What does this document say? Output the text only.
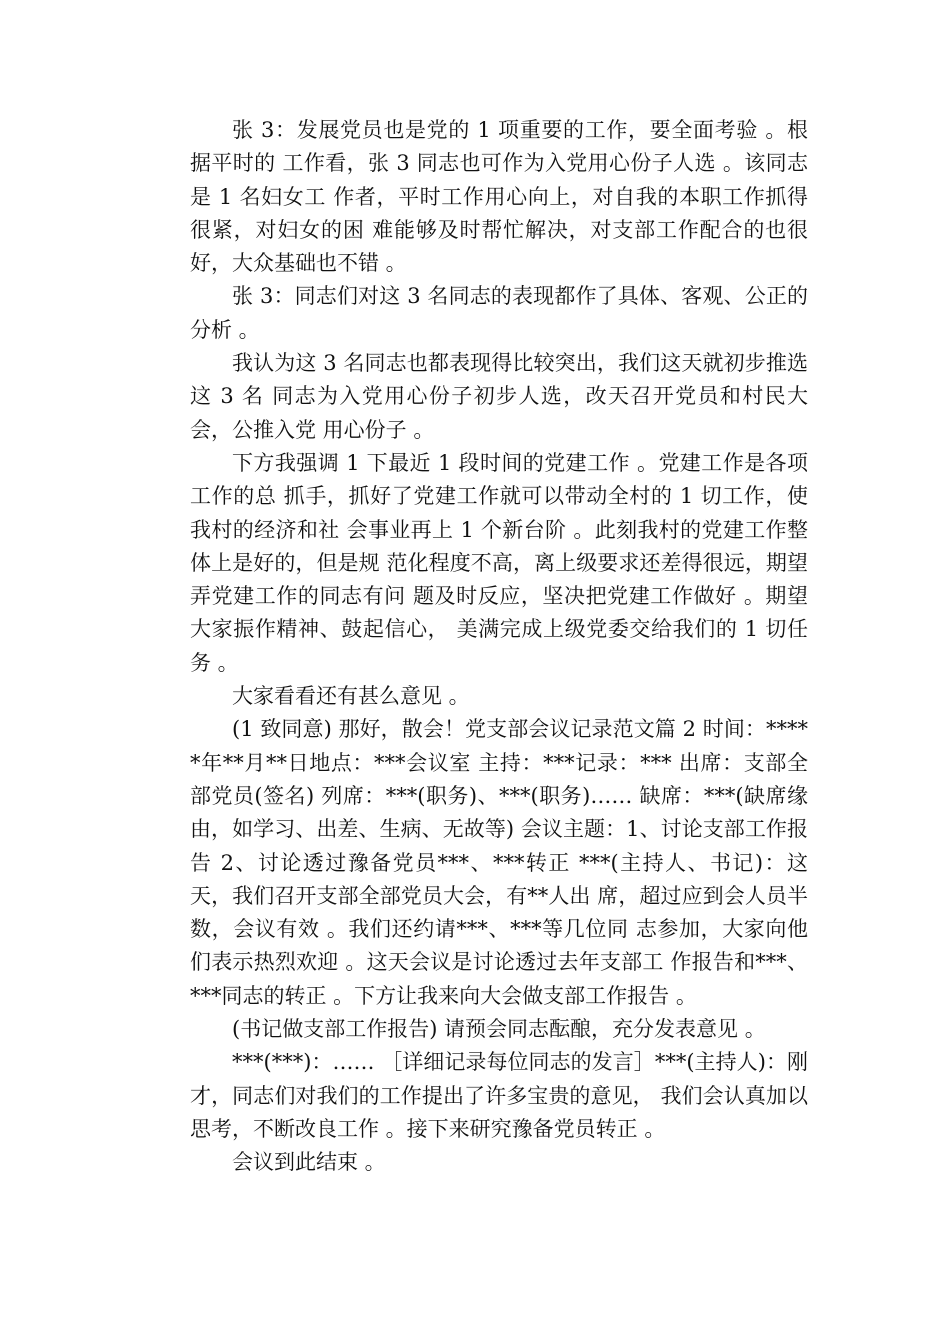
张 3：发展党员也是党的 1 项重要的工作，要全面考验 。根据平时的 工作看，张 3 同志也可作为入党用心份子人选 。该同志是 1 名妇女工 作者，平时工作用心向上，对自我的本职工作抓得很紧，对妇女的困 难能够及时帮忙解决，对支部工作配合的也很好，大众基础也不错 。

张 3：同志们对这 3 名同志的表现都作了具体、客观、公正的分析 。

我认为这 3 名同志也都表现得比较突出，我们这天就初步推选这 3 名 同志为入党用心份子初步人选，改天召开党员和村民大会，公推入党 用心份子 。

下方我强调 1 下最近 1 段时间的党建工作 。党建工作是各项工作的总 抓手，抓好了党建工作就可以带动全村的 1 切工作，使我村的经济和社 会事业再上 1 个新台阶 。此刻我村的党建工作整体上是好的，但是规 范化程度不高，离上级要求还差得很远，期望弄党建工作的同志有问 题及时反应，坚决把党建工作做好 。期望大家振作精神、鼓起信心， 美满完成上级党委交给我们的 1 切任务 。

大家看看还有甚么意见 。

(1 致同意) 那好，散会！党支部会议记录范文篇 2 时间：*****年**月**日地点：***会议室 主持：***记录：*** 出席：支部全部党员(签名) 列席：***(职务)、***(职务)…… 缺席：***(缺席缘由，如学习、出差、生病、无故等) 会议主题：1、讨论支部工作报告 2、讨论透过豫备党员***、***转正 ***(主持人、书记)：这天，我们召开支部全部党员大会，有**人出 席，超过应到会人员半数，会议有效 。我们还约请***、***等几位同 志参加，大家向他们表示热烈欢迎 。这天会议是讨论透过去年支部工 作报告和***、***同志的转正 。下方让我来向大会做支部工作报告 。

(书记做支部工作报告) 请预会同志酝酿，充分发表意见 。

***(***)：…… ［详细记录每位同志的发言］***(主持人)：刚才，同志们对我们的工作提出了许多宝贵的意见， 我们会认真加以思考，不断改良工作 。接下来研究豫备党员转正 。

会议到此结束 。
